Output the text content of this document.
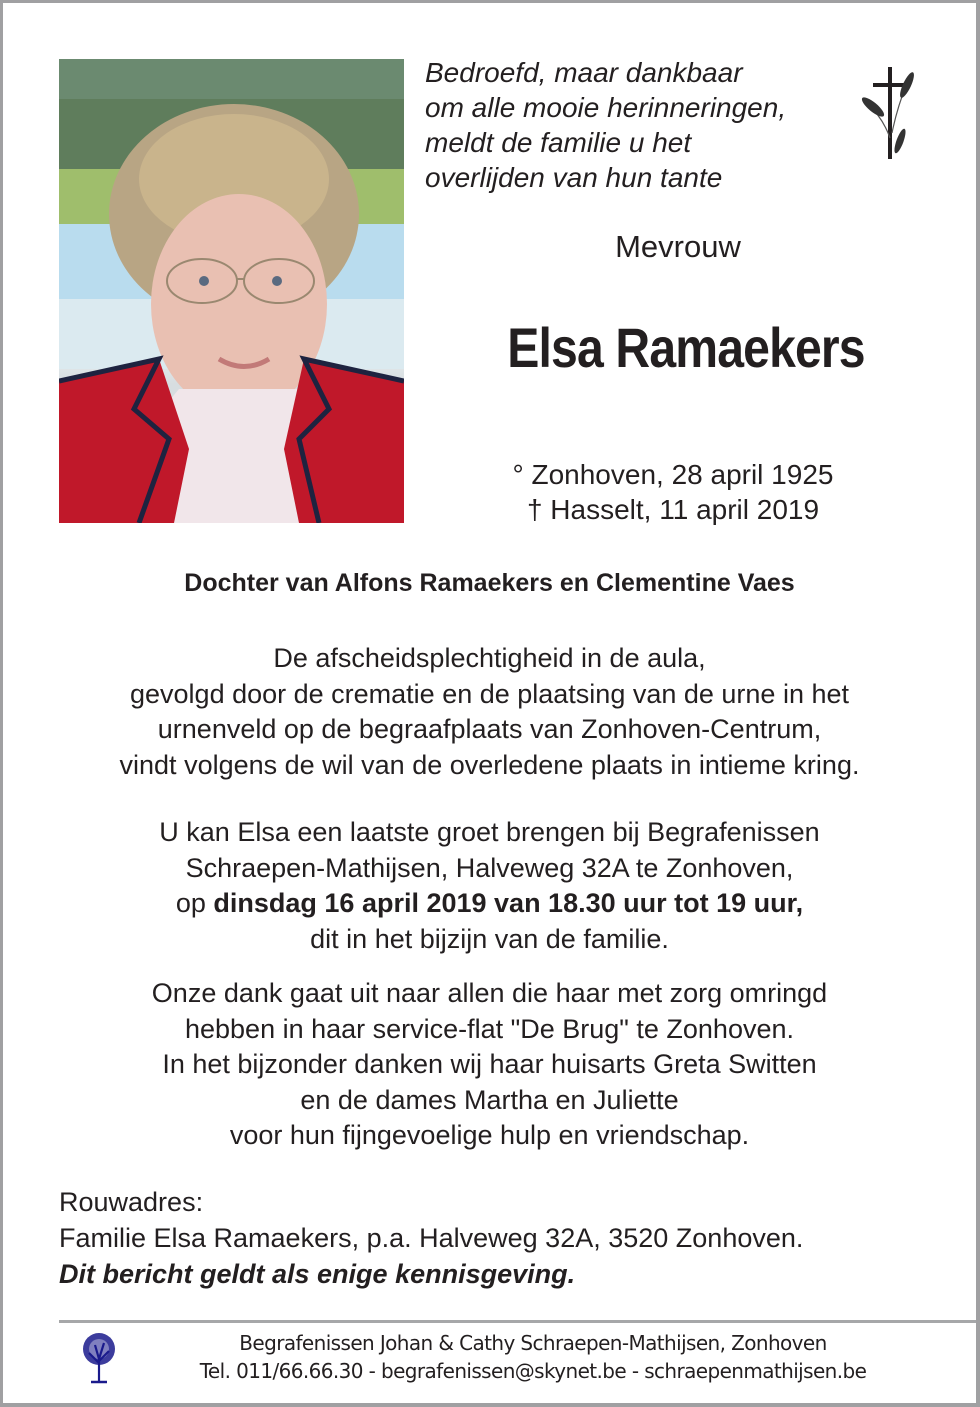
Bedroefd, maar dankbaar
om alle mooie herinneringen,
meldt de familie u het
overlijden van hun tante
Mevrouw
Elsa Ramaekers
° Zonhoven, 28 april 1925
† Hasselt, 11 april 2019
Dochter van Alfons Ramaekers en Clementine Vaes
De afscheidsplechtigheid in de aula,
gevolgd door de crematie en de plaatsing van de urne in het
urnenveld op de begraafplaats van Zonhoven-Centrum,
vindt volgens de wil van de overledene plaats in intieme kring.
U kan Elsa een laatste groet brengen bij Begrafenissen
Schraepen-Mathijsen, Halveweg 32A te Zonhoven,
op dinsdag 16 april 2019 van 18.30 uur tot 19 uur,
dit in het bijzijn van de familie.
Onze dank gaat uit naar allen die haar met zorg omringd
hebben in haar service-flat "De Brug" te Zonhoven.
In het bijzonder danken wij haar huisarts Greta Switten
en de dames Martha en Juliette
voor hun fijngevoelige hulp en vriendschap.
Rouwadres:
Familie Elsa Ramaekers, p.a. Halveweg 32A, 3520 Zonhoven.
Dit bericht geldt als enige kennisgeving.
Begrafenissen Johan & Cathy Schraepen-Mathijsen, Zonhoven
Tel. 011/66.66.30 - begrafenissen@skynet.be - schraepenmathijsen.be
